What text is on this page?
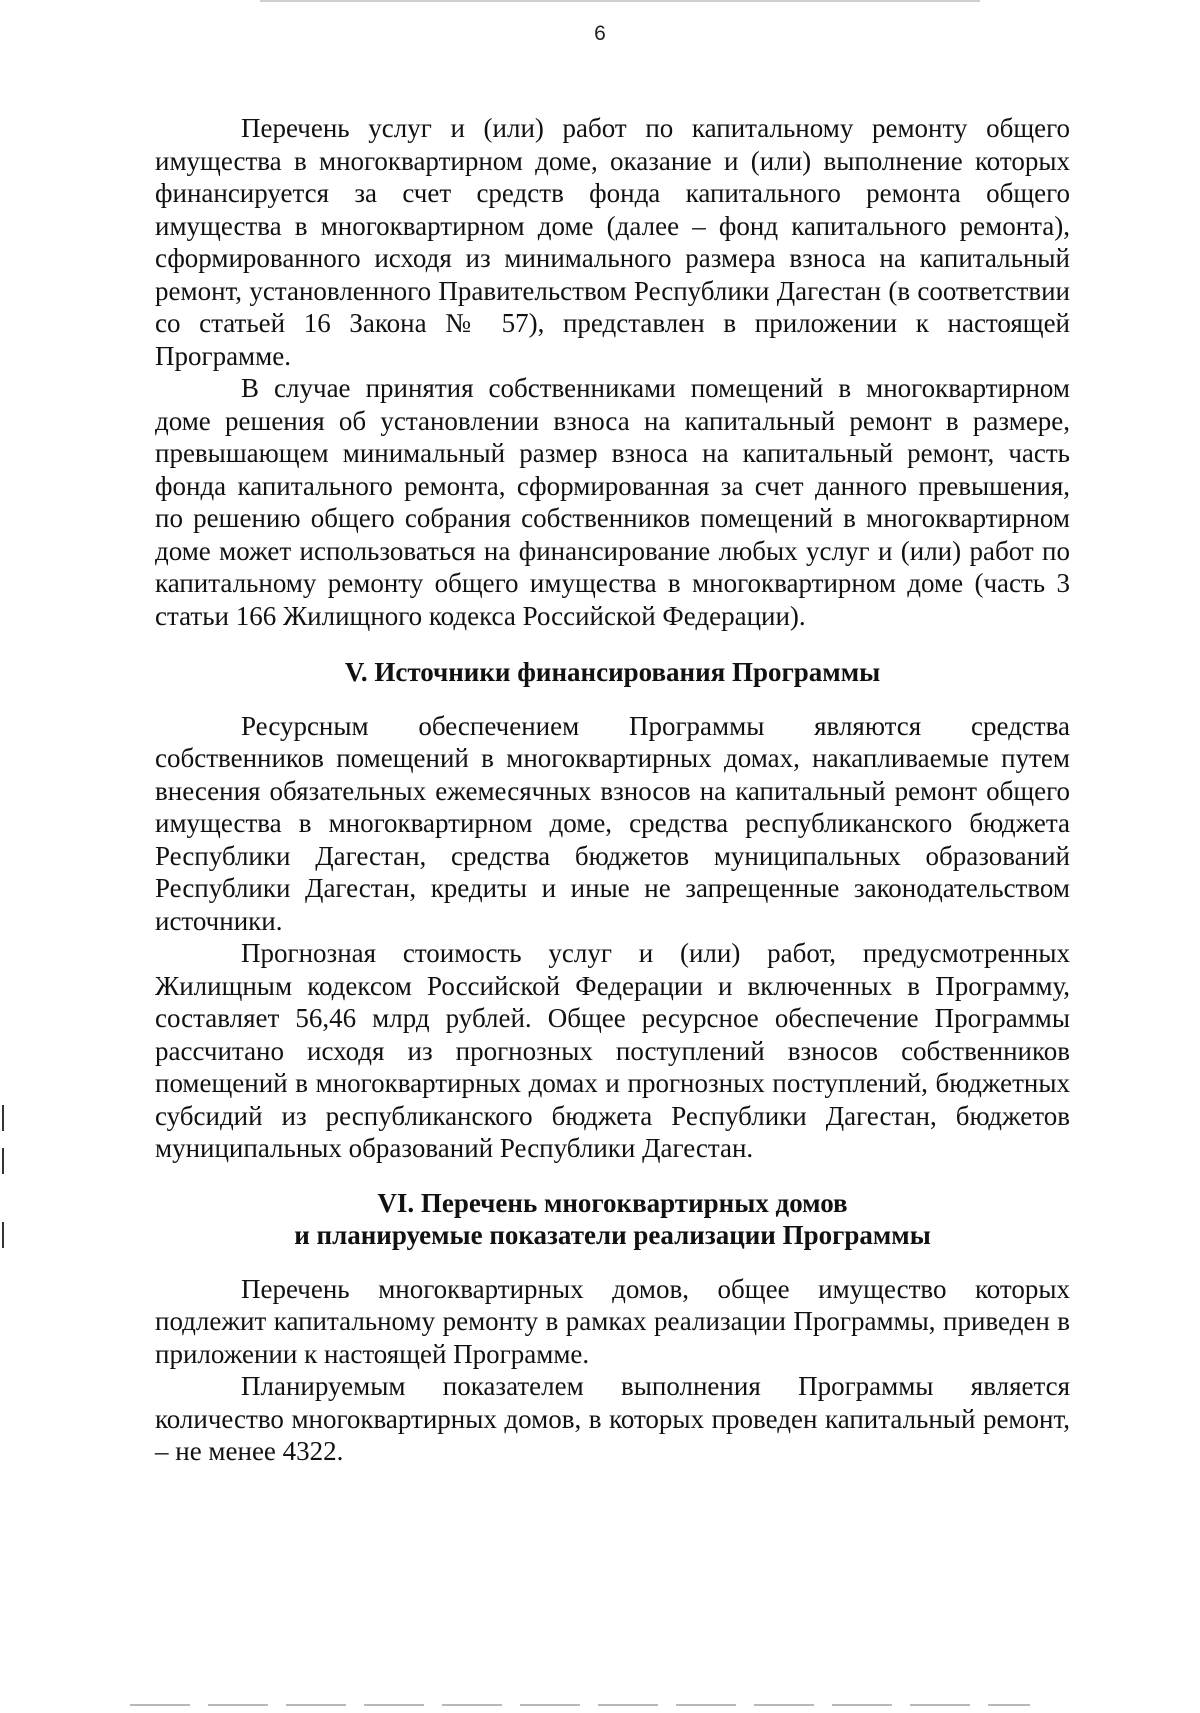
6

Перечень услуг и (или) работ по капитальному ремонту общего имущества в многоквартирном доме, оказание и (или) выполнение которых финансируется за счет средств фонда капитального ремонта общего имущества в многоквартирном доме (далее – фонд капитального ремонта), сформированного исходя из минимального размера взноса на капитальный ремонт, установленного Правительством Республики Дагестан (в соответствии со статьей 16 Закона № 57), представлен в приложении к настоящей Программе.

В случае принятия собственниками помещений в многоквартирном доме решения об установлении взноса на капитальный ремонт в размере, превышающем минимальный размер взноса на капитальный ремонт, часть фонда капитального ремонта, сформированная за счет данного превышения, по решению общего собрания собственников помещений в многоквартирном доме может использоваться на финансирование любых услуг и (или) работ по капитальному ремонту общего имущества в многоквартирном доме (часть 3 статьи 166 Жилищного кодекса Российской Федерации).

V. Источники финансирования Программы

Ресурсным обеспечением Программы являются средства собственников помещений в многоквартирных домах, накапливаемые путем внесения обязательных ежемесячных взносов на капитальный ремонт общего имущества в многоквартирном доме, средства республиканского бюджета Республики Дагестан, средства бюджетов муниципальных образований Республики Дагестан, кредиты и иные не запрещенные законодательством источники.

Прогнозная стоимость услуг и (или) работ, предусмотренных Жилищным кодексом Российской Федерации и включенных в Программу, составляет 56,46 млрд рублей. Общее ресурсное обеспечение Программы рассчитано исходя из прогнозных поступлений взносов собственников помещений в многоквартирных домах и прогнозных поступлений, бюджетных субсидий из республиканского бюджета Республики Дагестан, бюджетов муниципальных образований Республики Дагестан.

VI. Перечень многоквартирных домов
и планируемые показатели реализации Программы

Перечень многоквартирных домов, общее имущество которых подлежит капитальному ремонту в рамках реализации Программы, приведен в приложении к настоящей Программе.

Планируемым показателем выполнения Программы является количество многоквартирных домов, в которых проведен капитальный ремонт, – не менее 4322.
